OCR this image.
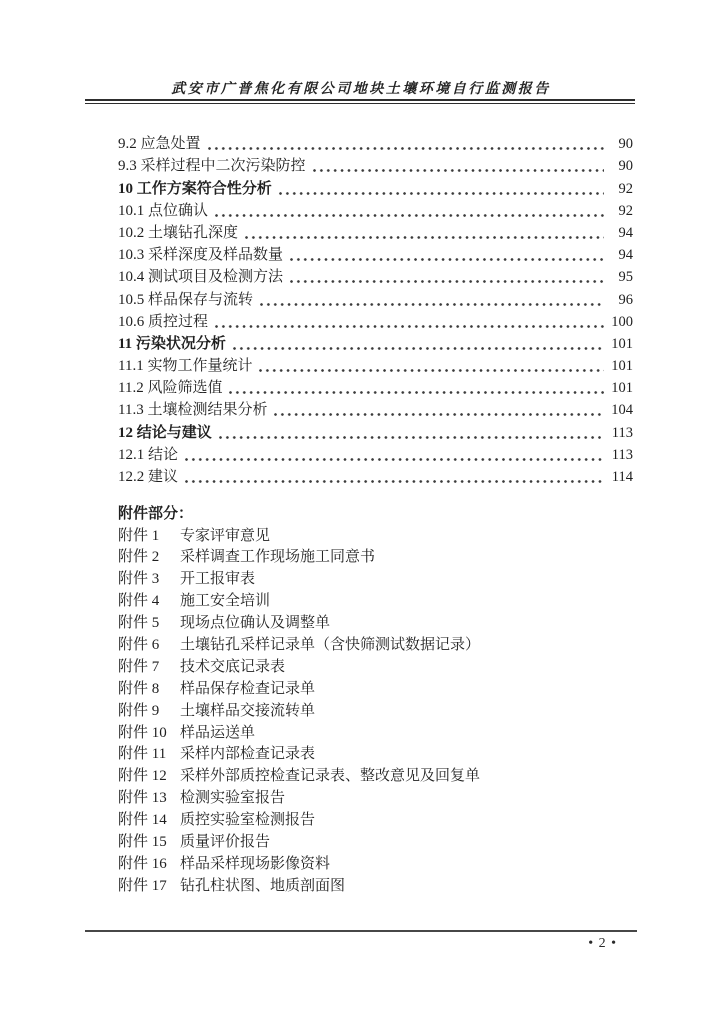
武安市广普焦化有限公司地块土壤环境自行监测报告
9.2 应急处置	90
9.3 采样过程中二次污染防控	90
10 工作方案符合性分析	92
10.1 点位确认	92
10.2 土壤钻孔深度	94
10.3 采样深度及样品数量	94
10.4 测试项目及检测方法	95
10.5 样品保存与流转	96
10.6 质控过程	100
11 污染状况分析	101
11.1 实物工作量统计	101
11.2 风险筛选值	101
11.3 土壤检测结果分析	104
12 结论与建议	113
12.1 结论	113
12.2 建议	114
附件部分：
附件 1 专家评审意见
附件 2 采样调查工作现场施工同意书
附件 3 开工报审表
附件 4 施工安全培训
附件 5 现场点位确认及调整单
附件 6 土壤钻孔采样记录单（含快筛测试数据记录）
附件 7 技术交底记录表
附件 8 样品保存检查记录单
附件 9 土壤样品交接流转单
附件 10 样品运送单
附件 11 采样内部检查记录表
附件 12 采样外部质控检查记录表、整改意见及回复单
附件 13 检测实验室报告
附件 14 质控实验室检测报告
附件 15 质量评价报告
附件 16 样品采样现场影像资料
附件 17 钻孔柱状图、地质剖面图
• 2 •
